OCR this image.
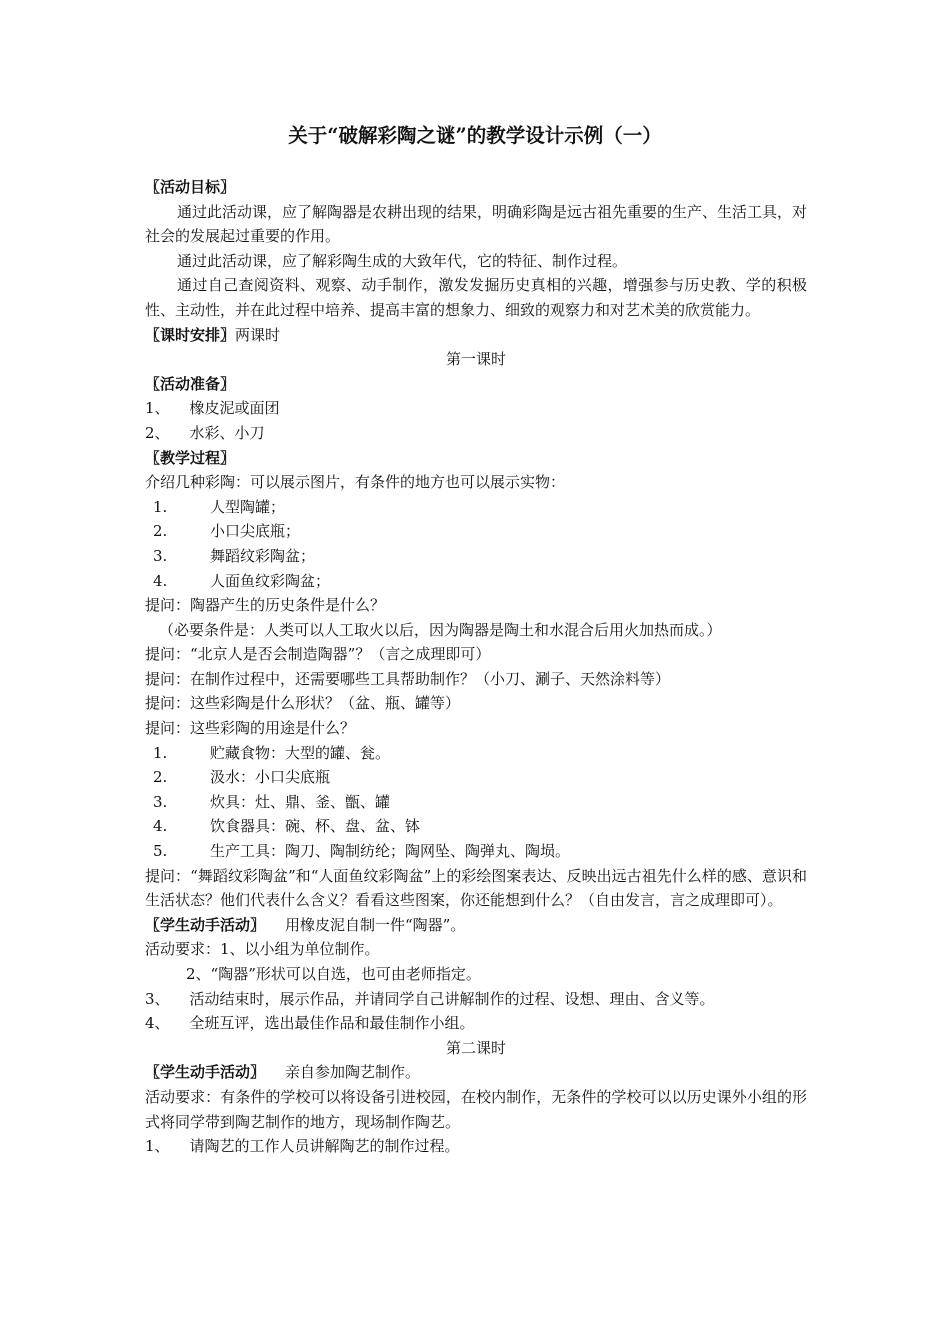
关于“破解彩陶之谜”的教学设计示例（一）
〖活动目标〗
通过此活动课，应了解陶器是农耕出现的结果，明确彩陶是远古祖先重要的生产、生活工具，对社会的发展起过重要的作用。
通过此活动课，应了解彩陶生成的大致年代，它的特征、制作过程。
通过自己查阅资料、观察、动手制作，激发发掘历史真相的兴趣，增强参与历史教、学的积极性、主动性，并在此过程中培养、提高丰富的想象力、细致的观察力和对艺术美的欣赏能力。
〖课时安排〗两课时
第一课时
〖活动准备〗
1、 橡皮泥或面团
2、 水彩、小刀
〖教学过程〗
介绍几种彩陶：可以展示图片，有条件的地方也可以展示实物：
1.	人型陶罐；
2.	小口尖底瓶；
3.	舞蹈纹彩陶盆；
4.	人面鱼纹彩陶盆；
提问：陶器产生的历史条件是什么？
（必要条件是：人类可以人工取火以后，因为陶器是陶土和水混合后用火加热而成。）
提问：“北京人是否会制造陶器”？（言之成理即可）
提问：在制作过程中，还需要哪些工具帮助制作？（小刀、涮子、天然涂料等）
提问：这些彩陶是什么形状？（盆、瓶、罐等）
提问：这些彩陶的用途是什么？
1.	贮藏食物：大型的罐、瓮。
2.	汲水：小口尖底瓶
3.	炊具：灶、鼎、釜、甑、罐
4.	饮食器具：碗、杯、盘、盆、钵
5.	生产工具：陶刀、陶制纺纶；陶网坠、陶弹丸、陶埙。
提问：“舞蹈纹彩陶盆”和“人面鱼纹彩陶盆”上的彩绘图案表达、反映出远古祖先什么样的感、意识和生活状态？他们代表什么含义？看看这些图案，你还能想到什么？（自由发言，言之成理即可）。
〖学生动手活动〗 用橡皮泥自制一件“陶器”。
活动要求：1、以小组为单位制作。
2、“陶器”形状可以自选，也可由老师指定。
3、 活动结束时，展示作品，并请同学自己讲解制作的过程、设想、理由、含义等。
4、 全班互评，选出最佳作品和最佳制作小组。
第二课时
〖学生动手活动〗 亲自参加陶艺制作。
活动要求：有条件的学校可以将设备引进校园，在校内制作，无条件的学校可以以历史课外小组的形式将同学带到陶艺制作的地方，现场制作陶艺。
1、 请陶艺的工作人员讲解陶艺的制作过程。
